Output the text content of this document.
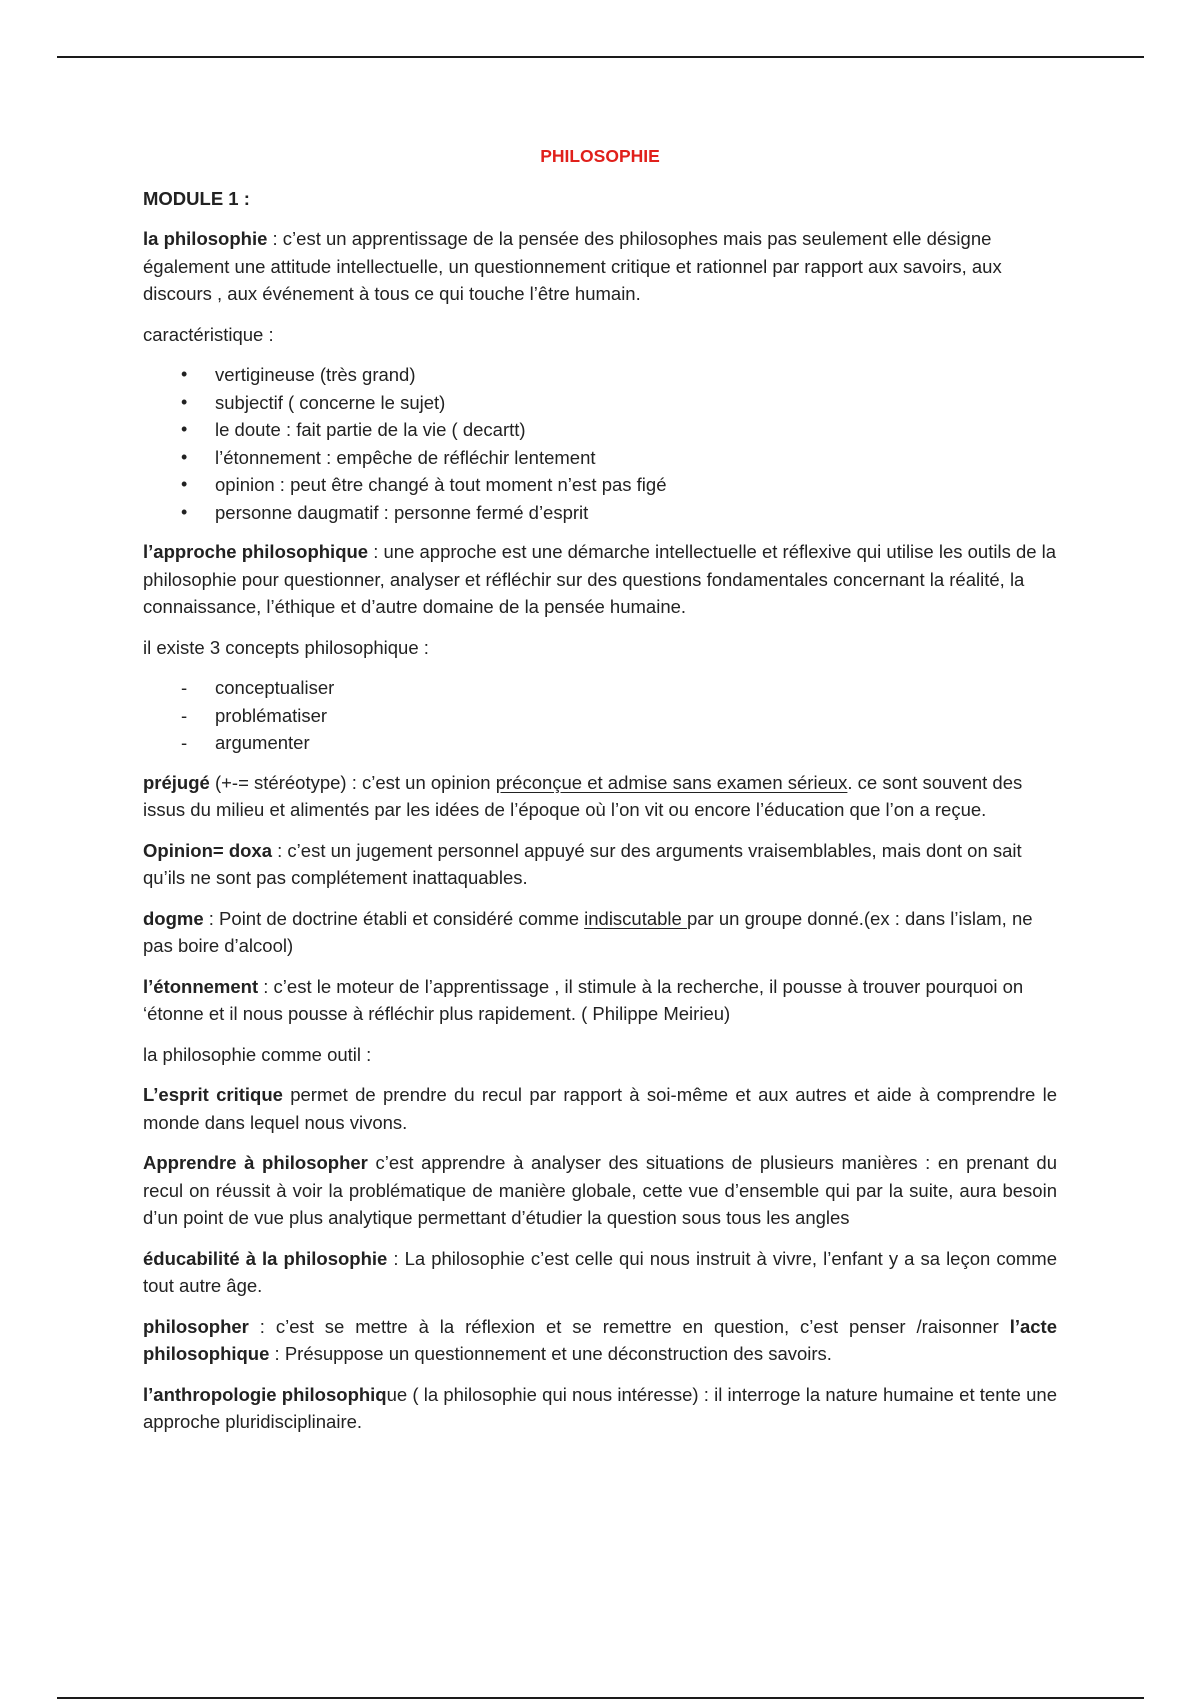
PHILOSOPHIE
MODULE 1 :

la philosophie : c’est un apprentissage de la pensée des philosophes mais pas seulement elle désigne également une attitude intellectuelle, un questionnement critique et rationnel par rapport aux savoirs, aux discours , aux événement à tous ce qui touche l’être humain.

caractéristique :

• vertigineuse (très grand)
• subjectif ( concerne le sujet)
• le doute : fait partie de la vie ( decartt)
• l’étonnement : empêche de réfléchir lentement
• opinion : peut être changé à tout moment n’est pas figé
• personne daugmatif : personne fermé d’esprit

l’approche philosophique : une approche est une démarche intellectuelle et réflexive qui utilise les outils de la philosophie pour questionner, analyser et réfléchir sur des questions fondamentales concernant la réalité, la connaissance, l’éthique et d’autre domaine de la pensée humaine.

il existe 3 concepts philosophique :

- conceptualiser
- problématiser
- argumenter

préjugé (+-= stéréotype) : c’est un opinion préconçue et admise sans examen sérieux. ce sont souvent des issus du milieu et alimentés par les idées de l’époque où l’on vit ou encore l’éducation que l’on a reçue.

Opinion= doxa : c’est un jugement personnel appuyé sur des arguments vraisemblables, mais dont on sait qu’ils ne sont pas complétement inattaquables.

dogme : Point de doctrine établi et considéré comme indiscutable par un groupe donné.(ex : dans l’islam, ne pas boire d’alcool)

l’étonnement : c’est le moteur de l’apprentissage , il stimule à la recherche, il pousse à trouver pourquoi on ‘étonne et il nous pousse à réfléchir plus rapidement. ( Philippe Meirieu)

la philosophie comme outil :

L’esprit critique permet de prendre du recul par rapport à soi-même et aux autres et aide à comprendre le monde dans lequel nous vivons.

Apprendre à philosopher c’est apprendre à analyser des situations de plusieurs manières : en prenant du recul on réussit à voir la problématique de manière globale, cette vue d’ensemble qui par la suite, aura besoin d’un point de vue plus analytique permettant d’étudier la question sous tous les angles

éducabilité à la philosophie : La philosophie c’est celle qui nous instruit à vivre, l’enfant y a sa leçon comme tout autre âge.

philosopher : c’est se mettre à la réflexion et se remettre en question, c’est penser /raisonner l’acte philosophique : Présuppose un questionnement et une déconstruction des savoirs.

l’anthropologie philosophique ( la philosophie qui nous intéresse) : il interroge la nature humaine et tente une approche pluridisciplinaire.
